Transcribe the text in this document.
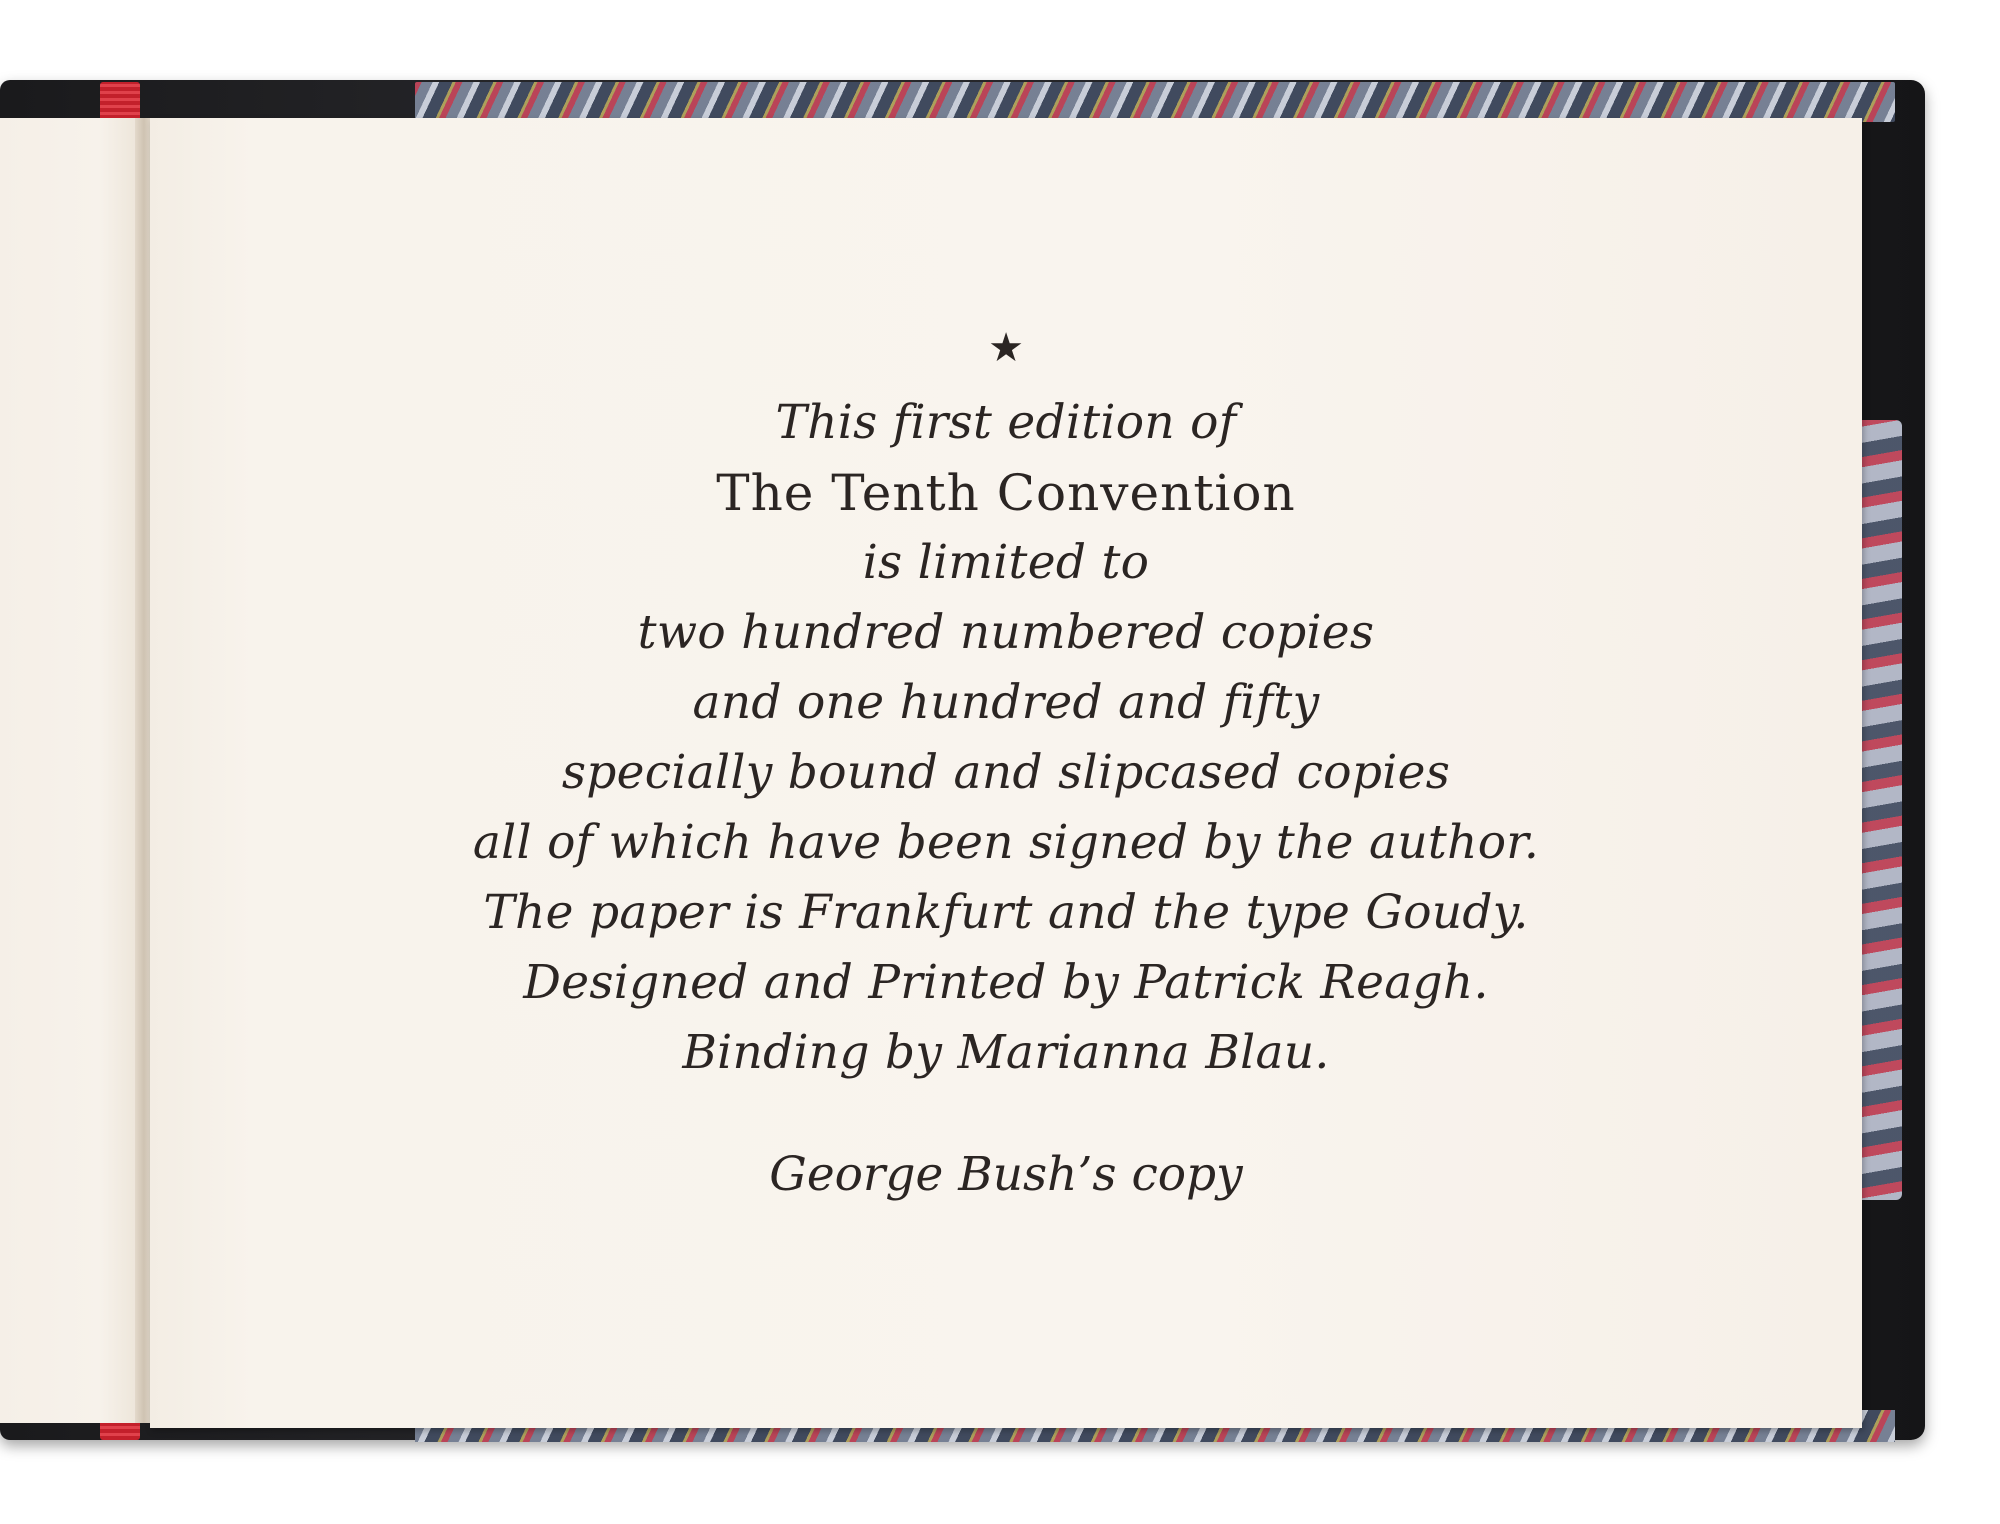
★
This first edition of
The Tenth Convention
is limited to
two hundred numbered copies
and one hundred and fifty
specially bound and slipcased copies
all of which have been signed by the author.
The paper is Frankfurt and the type Goudy.
Designed and Printed by Patrick Reagh.
Binding by Marianna Blau.
George Bush’s copy
